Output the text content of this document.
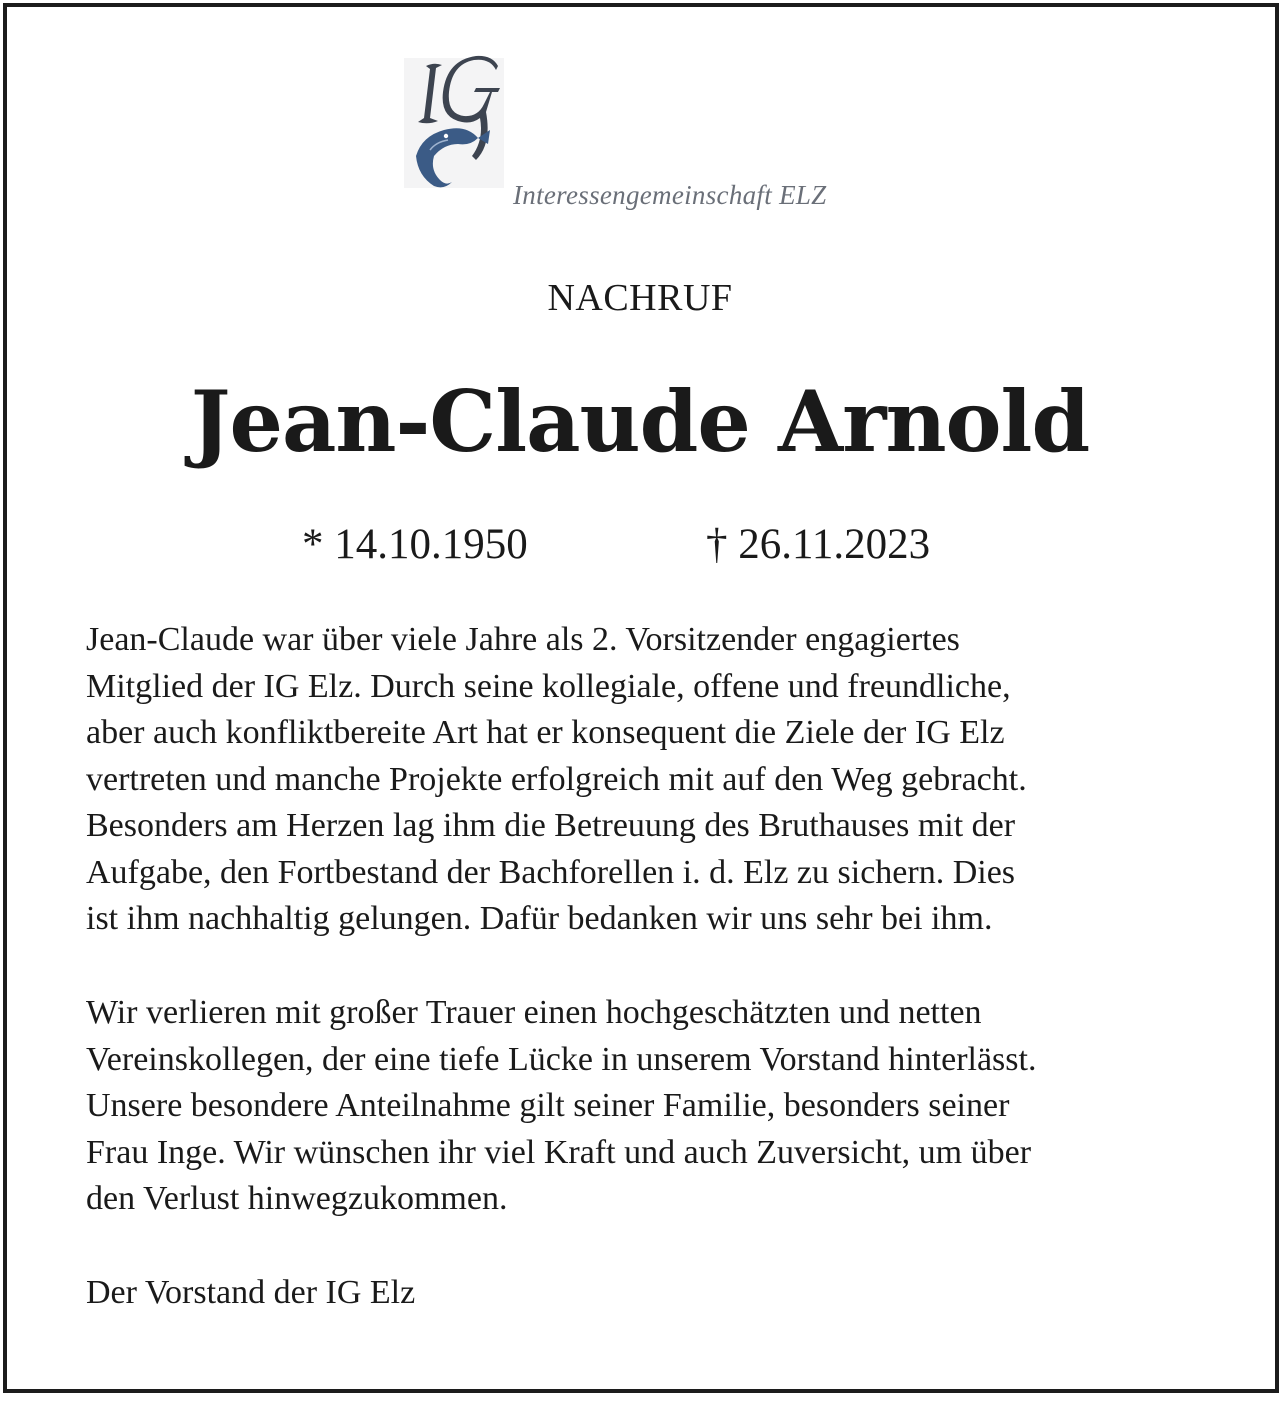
Interessengemeinschaft ELZ
NACHRUF
Jean-Claude Arnold
* 14.10.1950	† 26.11.2023

Jean-Claude war über viele Jahre als 2. Vorsitzender engagiertes
Mitglied der IG Elz. Durch seine kollegiale, offene und freundliche,
aber auch konfliktbereite Art hat er konsequent die Ziele der IG Elz
vertreten und manche Projekte erfolgreich mit auf den Weg gebracht.
Besonders am Herzen lag ihm die Betreuung des Bruthauses mit der
Aufgabe, den Fortbestand der Bachforellen i. d. Elz zu sichern. Dies
ist ihm nachhaltig gelungen. Dafür bedanken wir uns sehr bei ihm.

Wir verlieren mit großer Trauer einen hochgeschätzten und netten
Vereinskollegen, der eine tiefe Lücke in unserem Vorstand hinterlässt.
Unsere besondere Anteilnahme gilt seiner Familie, besonders seiner
Frau Inge. Wir wünschen ihr viel Kraft und auch Zuversicht, um über
den Verlust hinwegzukommen.

Der Vorstand der IG Elz
